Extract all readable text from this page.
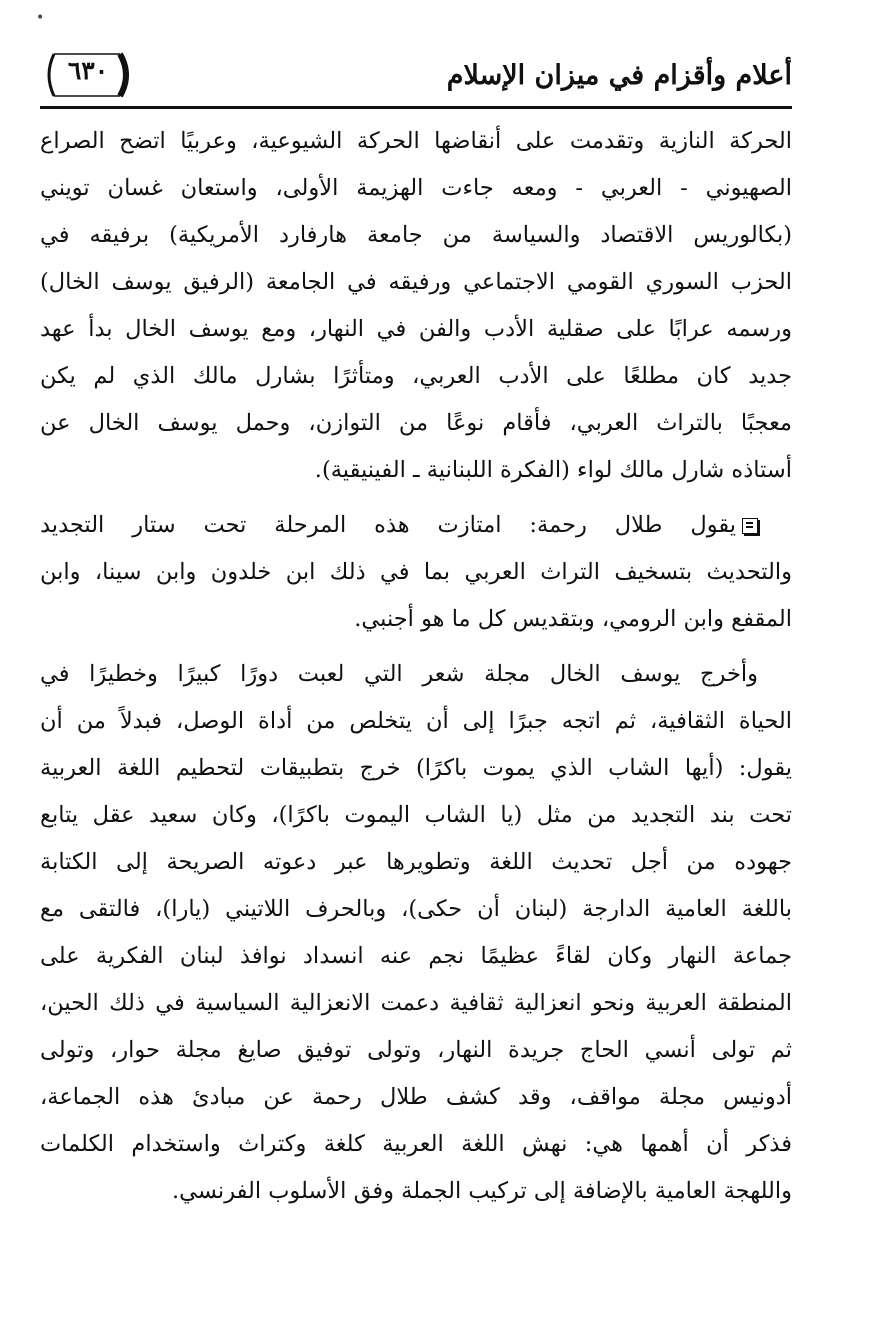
•
٦٣٠	أعلام وأقزام في ميزان الإسلام
الحركة النازية وتقدمت على أنقاضها الحركة الشيوعية، وعربيًا اتضح الصراع
الصهيوني - العربي - ومعه جاءت الهزيمة الأولى، واستعان غسان تويني
(بكالوريس الاقتصاد والسياسة من جامعة هارفارد الأمريكية) برفيقه في
الحزب السوري القومي الاجتماعي ورفيقه في الجامعة (الرفيق يوسف الخال)
ورسمه عرابًا على صقلية الأدب والفن في النهار، ومع يوسف الخال بدأ عهد
جديد كان مطلعًا على الأدب العربي، ومتأثرًا بشارل مالك الذي لم يكن
معجبًا بالتراث العربي، فأقام نوعًا من التوازن، وحمل يوسف الخال عن
أستاذه شارل مالك لواء (الفكرة اللبنانية ـ الفينيقية).
يقول طلال رحمة: امتازت هذه المرحلة تحت ستار التجديد
والتحديث بتسخيف التراث العربي بما في ذلك ابن خلدون وابن سينا، وابن
المقفع وابن الرومي، وبتقديس كل ما هو أجنبي.
وأخرج يوسف الخال مجلة شعر التي لعبت دورًا كبيرًا وخطيرًا في
الحياة الثقافية، ثم اتجه جبرًا إلى أن يتخلص من أداة الوصل، فبدلاً من أن
يقول: (أيها الشاب الذي يموت باكرًا) خرج بتطبيقات لتحطيم اللغة العربية
تحت بند التجديد من مثل (يا الشاب اليموت باكرًا)، وكان سعيد عقل يتابع
جهوده من أجل تحديث اللغة وتطويرها عبر دعوته الصريحة إلى الكتابة
باللغة العامية الدارجة (لبنان أن حكى)، وبالحرف اللاتيني (يارا)، فالتقى مع
جماعة النهار وكان لقاءً عظيمًا نجم عنه انسداد نوافذ لبنان الفكرية على
المنطقة العربية ونحو انعزالية ثقافية دعمت الانعزالية السياسية في ذلك الحين،
ثم تولى أنسي الحاج جريدة النهار، وتولى توفيق صايغ مجلة حوار، وتولى
أدونيس مجلة مواقف، وقد كشف طلال رحمة عن مبادئ هذه الجماعة،
فذكر أن أهمها هي: نهش اللغة العربية كلغة وكتراث واستخدام الكلمات
واللهجة العامية بالإضافة إلى تركيب الجملة وفق الأسلوب الفرنسي.
